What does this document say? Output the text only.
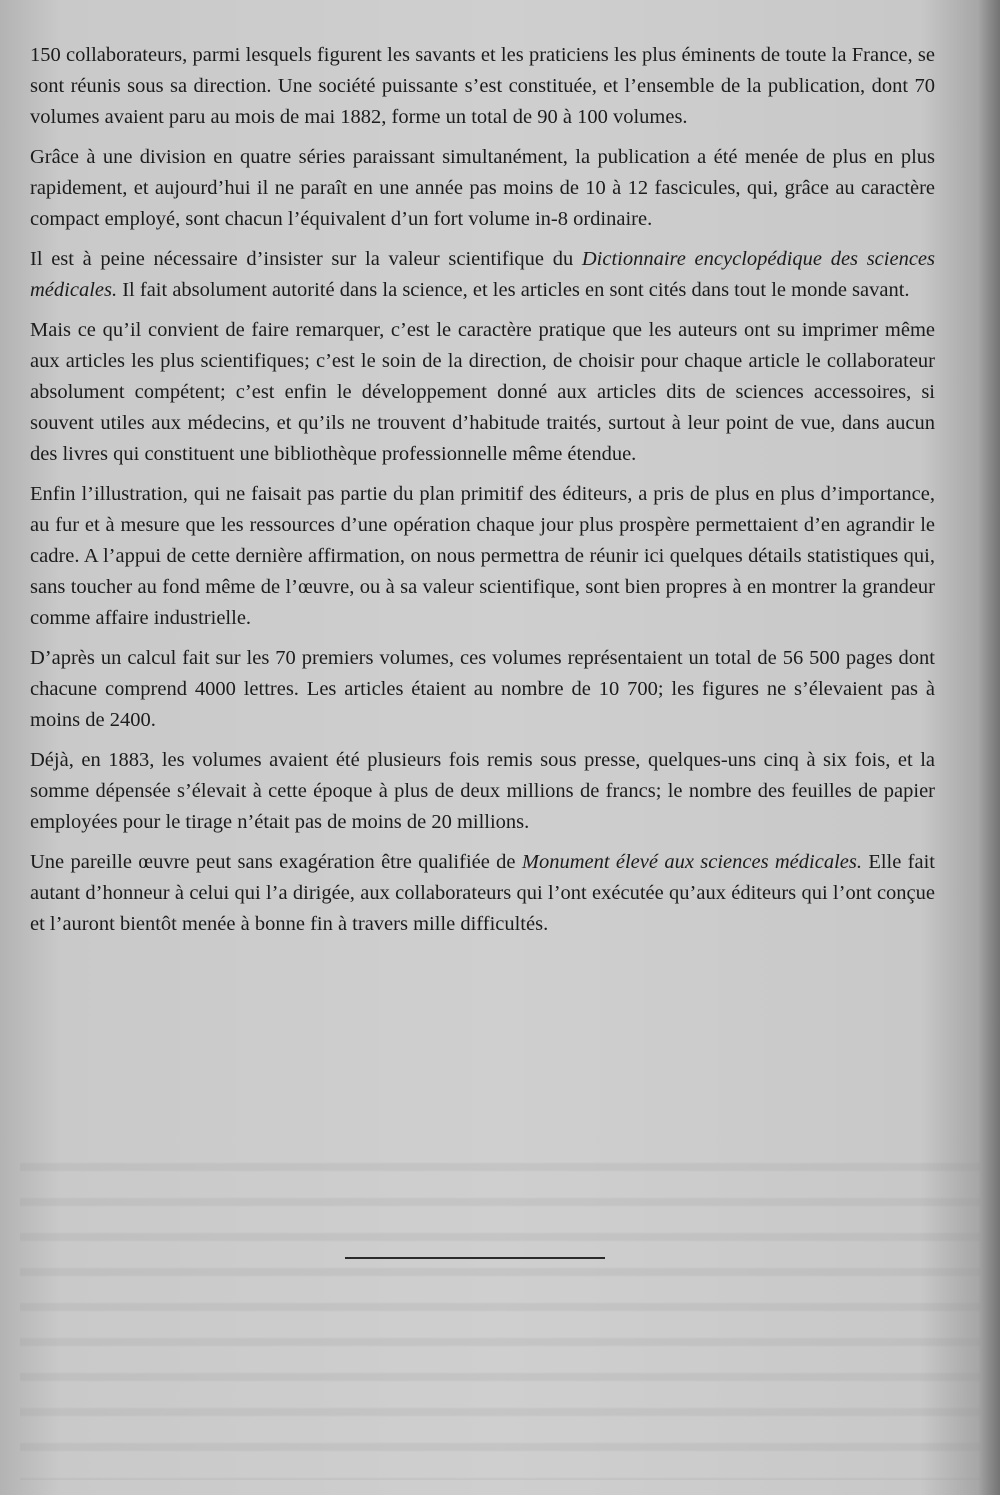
150 collaborateurs, parmi lesquels figurent les savants et les praticiens les plus éminents de toute la France, se sont réunis sous sa direction. Une société puissante s’est constituée, et l’ensemble de la publication, dont 70 volumes avaient paru au mois de mai 1882, forme un total de 90 à 100 volumes.

Grâce à une division en quatre séries paraissant simultanément, la publication a été menée de plus en plus rapidement, et aujourd’hui il ne paraît en une année pas moins de 10 à 12 fascicules, qui, grâce au caractère compact employé, sont chacun l’équivalent d’un fort volume in-8 ordinaire.

Il est à peine nécessaire d’insister sur la valeur scientifique du Dictionnaire encyclopédique des sciences médicales. Il fait absolument autorité dans la science, et les articles en sont cités dans tout le monde savant.

Mais ce qu’il convient de faire remarquer, c’est le caractère pratique que les auteurs ont su imprimer même aux articles les plus scientifiques; c’est le soin de la direction, de choisir pour chaque article le collaborateur absolument compétent; c’est enfin le développement donné aux articles dits de sciences accessoires, si souvent utiles aux médecins, et qu’ils ne trouvent d’habitude traités, surtout à leur point de vue, dans aucun des livres qui constituent une bibliothèque professionnelle même étendue.

Enfin l’illustration, qui ne faisait pas partie du plan primitif des éditeurs, a pris de plus en plus d’importance, au fur et à mesure que les ressources d’une opération chaque jour plus prospère permettaient d’en agrandir le cadre. A l’appui de cette dernière affirmation, on nous permettra de réunir ici quelques détails statistiques qui, sans toucher au fond même de l’œuvre, ou à sa valeur scientifique, sont bien propres à en montrer la grandeur comme affaire industrielle.

D’après un calcul fait sur les 70 premiers volumes, ces volumes représentaient un total de 56 500 pages dont chacune comprend 4000 lettres. Les articles étaient au nombre de 10 700; les figures ne s’élevaient pas à moins de 2400.

Déjà, en 1883, les volumes avaient été plusieurs fois remis sous presse, quelques-uns cinq à six fois, et la somme dépensée s’élevait à cette époque à plus de deux millions de francs; le nombre des feuilles de papier employées pour le tirage n’était pas de moins de 20 millions.

Une pareille œuvre peut sans exagération être qualifiée de Monument élevé aux sciences médicales. Elle fait autant d’honneur à celui qui l’a dirigée, aux collaborateurs qui l’ont exécutée qu’aux éditeurs qui l’ont conçue et l’auront bientôt menée à bonne fin à travers mille difficultés.
